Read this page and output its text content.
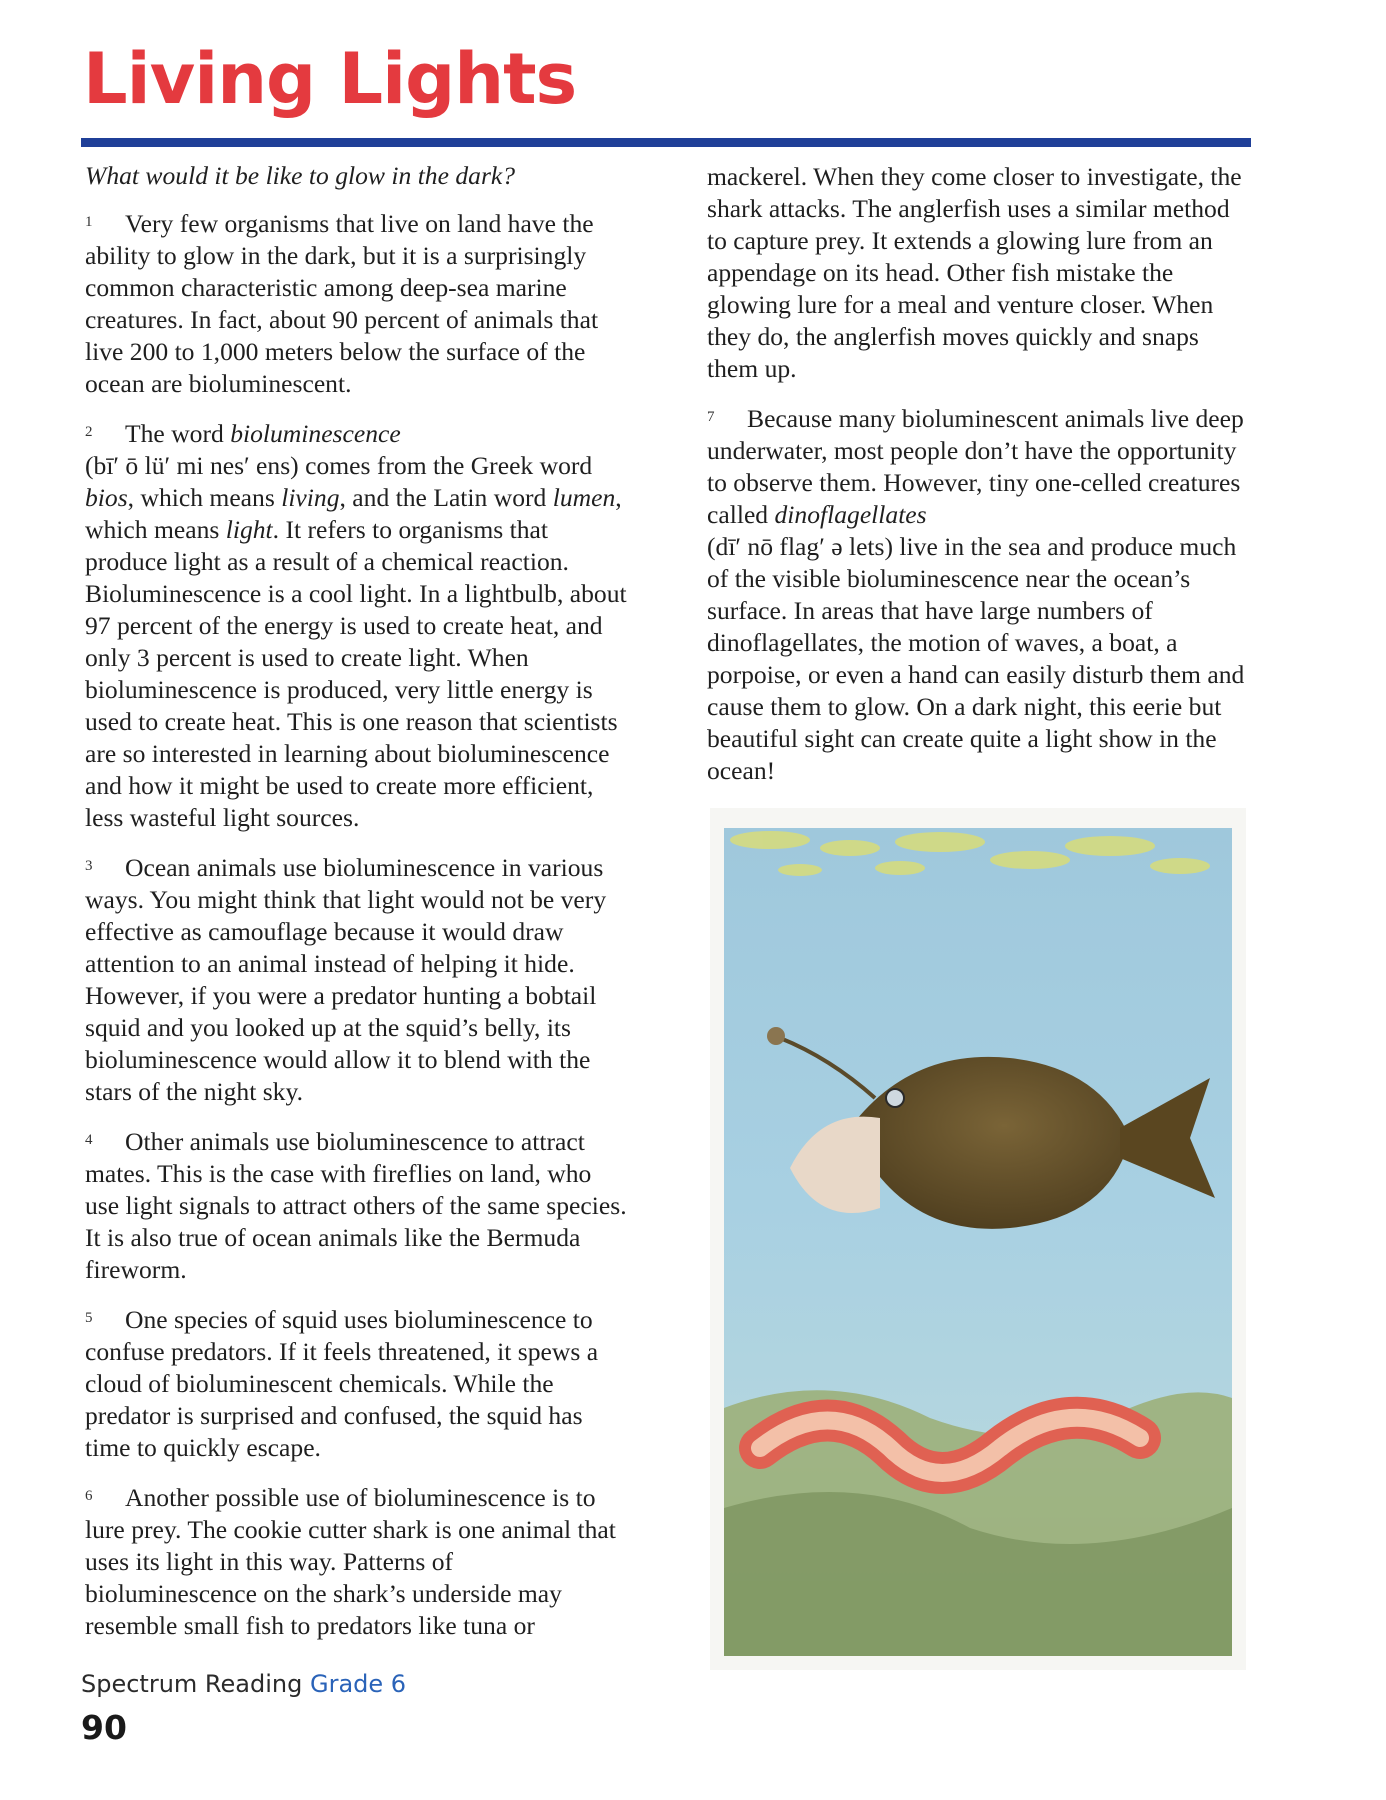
Living Lights

What would it be like to glow in the dark?

1 Very few organisms that live on land have the ability to glow in the dark, but it is a surprisingly common characteristic among deep-sea marine creatures. In fact, about 90 percent of animals that live 200 to 1,000 meters below the surface of the ocean are bioluminescent.

2 The word bioluminescence
(bī′ ō lü′ mi nes′ ens) comes from the Greek word bios, which means living, and the Latin word lumen, which means light. It refers to organisms that produce light as a result of a chemical reaction. Bioluminescence is a cool light. In a lightbulb, about 97 percent of the energy is used to create heat, and only 3 percent is used to create light. When bioluminescence is produced, very little energy is used to create heat. This is one reason that scientists are so interested in learning about bioluminescence and how it might be used to create more efficient, less wasteful light sources.

3 Ocean animals use bioluminescence in various ways. You might think that light would not be very effective as camouflage because it would draw attention to an animal instead of helping it hide. However, if you were a predator hunting a bobtail squid and you looked up at the squid’s belly, its bioluminescence would allow it to blend with the stars of the night sky.

4 Other animals use bioluminescence to attract mates. This is the case with fireflies on land, who use light signals to attract others of the same species. It is also true of ocean animals like the Bermuda fireworm.

5 One species of squid uses bioluminescence to confuse predators. If it feels threatened, it spews a cloud of bioluminescent chemicals. While the predator is surprised and confused, the squid has time to quickly escape.

6 Another possible use of bioluminescence is to lure prey. The cookie cutter shark is one animal that uses its light in this way. Patterns of bioluminescence on the shark’s underside may resemble small fish to predators like tuna or

mackerel. When they come closer to investigate, the shark attacks. The anglerfish uses a similar method to capture prey. It extends a glowing lure from an appendage on its head. Other fish mistake the glowing lure for a meal and venture closer. When they do, the anglerfish moves quickly and snaps them up.

7 Because many bioluminescent animals live deep underwater, most people don’t have the opportunity to observe them. However, tiny one-celled creatures called dinoflagellates
(dī′ nō flag′ ə lets) live in the sea and produce much of the visible bioluminescence near the ocean’s surface. In areas that have large numbers of dinoflagellates, the motion of waves, a boat, a porpoise, or even a hand can easily disturb them and cause them to glow. On a dark night, this eerie but beautiful sight can create quite a light show in the ocean!

Spectrum Reading Grade 6
90
